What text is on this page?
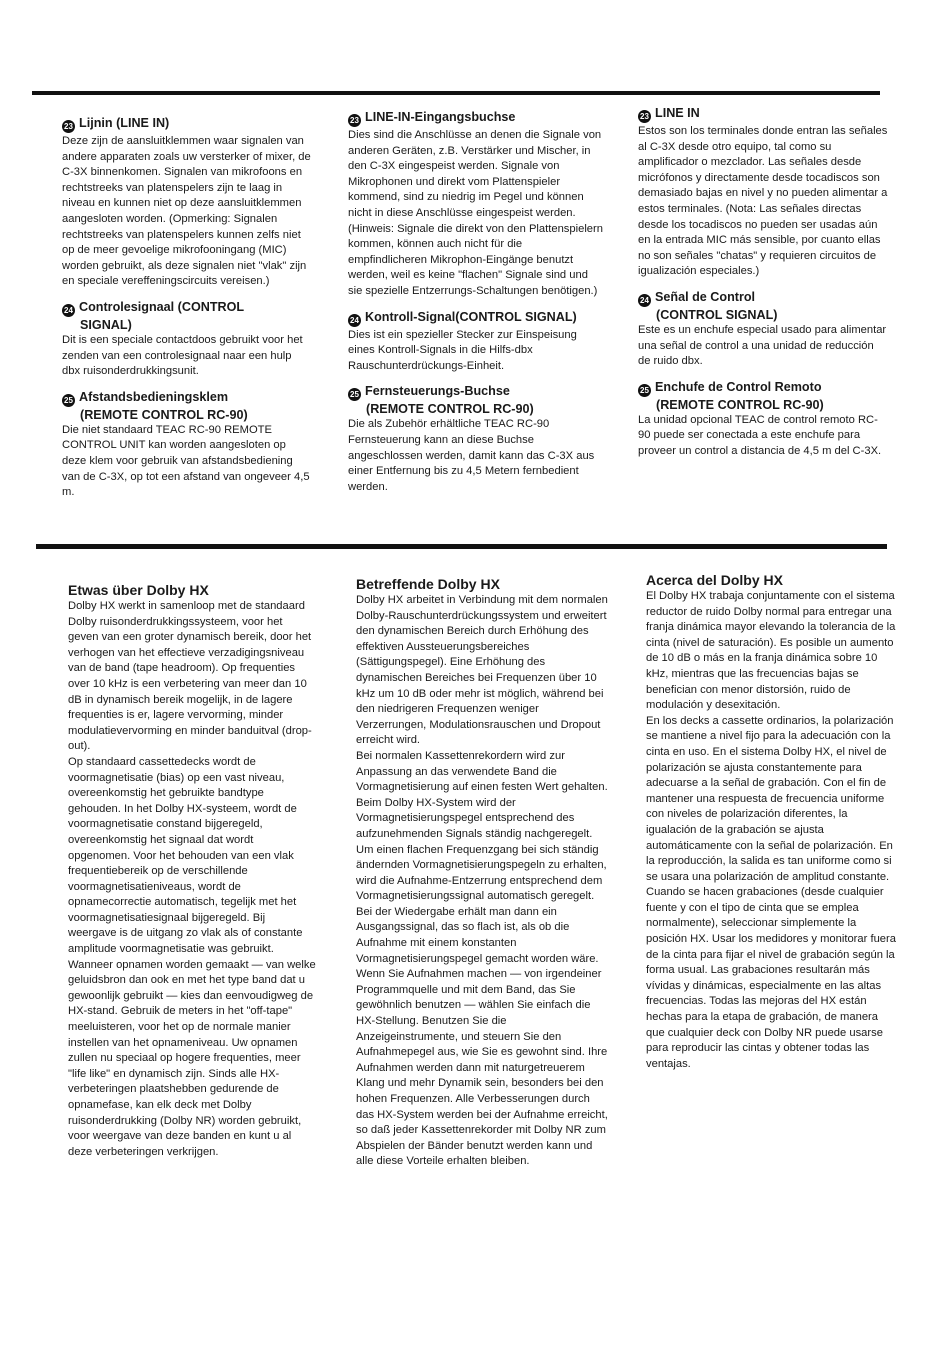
23 Lijnin (LINE IN)

Deze zijn de aansluitklemmen waar signalen van andere apparaten zoals uw versterker of mixer, de C-3X binnenkomen. Signalen van mikrofoons en rechtstreeks van platenspelers zijn te laag in niveau en kunnen niet op deze aansluitklemmen aangesloten worden. (Opmerking: Signalen rechtstreeks van platenspelers kunnen zelfs niet op de meer gevoelige mikrofooningang (MIC) worden gebruikt, als deze signalen niet "vlak" zijn en speciale vereffeningscircuits vereisen.)

24 Controlesignaal (CONTROL
SIGNAL)

Dit is een speciale contactdoos gebruikt voor het zenden van een controlesignaal naar een hulp dbx ruisonderdrukkingsunit.

25 Afstandsbedieningsklem
(REMOTE CONTROL RC-90)

Die niet standaard TEAC RC-90 REMOTE CONTROL UNIT kan worden aangesloten op deze klem voor gebruik van afstandsbediening van de C-3X, op tot een afstand van ongeveer 4,5 m.

23 LINE-IN-Eingangsbuchse

Dies sind die Anschlüsse an denen die Signale von anderen Geräten, z.B. Verstärker und Mischer, in den C-3X eingespeist werden. Signale von Mikrophonen und direkt vom Plattenspieler kommend, sind zu niedrig im Pegel und können nicht in diese Anschlüsse eingespeist werden. (Hinweis: Signale die direkt von den Plattenspielern kommen, können auch nicht für die empfindlicheren Mikrophon-Eingänge benutzt werden, weil es keine "flachen" Signale sind und sie spezielle Entzerrungs-Schaltungen benötigen.)

24 Kontroll-Signal(CONTROL SIGNAL)

Dies ist ein spezieller Stecker zur Einspeisung eines Kontroll-Signals in die Hilfs-dbx Rauschunterdrückungs-Einheit.

25 Fernsteuerungs-Buchse
(REMOTE CONTROL RC-90)

Die als Zubehör erhältliche TEAC RC-90 Fernsteuerung kann an diese Buchse angeschlossen werden, damit kann das C-3X aus einer Entfernung bis zu 4,5 Metern fernbedient werden.

23 LINE IN

Estos son los terminales donde entran las señales al C-3X desde otro equipo, tal como su amplificador o mezclador. Las señales desde micrófonos y directamente desde tocadiscos son demasiado bajas en nivel y no pueden alimentar a estos terminales. (Nota: Las señales directas desde los tocadiscos no pueden ser usadas aún en la entrada MIC más sensible, por cuanto ellas no son señales "chatas" y requieren circuitos de igualización especiales.)

24 Señal de Control
(CONTROL SIGNAL)

Este es un enchufe especial usado para alimentar una señal de control a una unidad de reducción de ruido dbx.

25 Enchufe de Control Remoto
(REMOTE CONTROL RC-90)

La unidad opcional TEAC de control remoto RC-90 puede ser conectada a este enchufe para proveer un control a distancia de 4,5 m del C-3X.

Etwas über Dolby HX

Dolby HX werkt in samenloop met de standaard Dolby ruisonderdrukkingssysteem, voor het geven van een groter dynamisch bereik, door het verhogen van het effectieve verzadigingsniveau van de band (tape headroom). Op frequenties over 10 kHz is een verbetering van meer dan 10 dB in dynamisch bereik mogelijk, in de lagere frequenties is er, lagere vervorming, minder modulatievervorming en minder banduitval (drop-out).

Op standaard cassettedecks wordt de voormagnetisatie (bias) op een vast niveau, overeenkomstig het gebruikte bandtype gehouden. In het Dolby HX-systeem, wordt de voormagnetisatie constand bijgeregeld, overeenkomstig het signaal dat wordt opgenomen. Voor het behouden van een vlak frequentiebereik op de verschillende voormagnetisatieniveaus, wordt de opnamecorrectie automatisch, tegelijk met het voormagnetisatiesignaal bijgeregeld. Bij weergave is de uitgang zo vlak als of constante amplitude voormagnetisatie was gebruikt.

Wanneer opnamen worden gemaakt — van welke geluidsbron dan ook en met het type band dat u gewoonlijk gebruikt — kies dan eenvoudigweg de HX-stand. Gebruik de meters in het "off-tape" meeluisteren, voor het op de normale manier instellen van het opnameniveau. Uw opnamen zullen nu speciaal op hogere frequenties, meer "life like" en dynamisch zijn. Sinds alle HX-verbeteringen plaatshebben gedurende de opnamefase, kan elk deck met Dolby ruisonderdrukking (Dolby NR) worden gebruikt, voor weergave van deze banden en kunt u al deze verbeteringen verkrijgen.

Betreffende Dolby HX

Dolby HX arbeitet in Verbindung mit dem normalen Dolby-Rauschunterdrückungssystem und erweitert den dynamischen Bereich durch Erhöhung des effektiven Aussteuerungsbereiches (Sättigungspegel). Eine Erhöhung des dynamischen Bereiches bei Frequenzen über 10 kHz um 10 dB oder mehr ist möglich, während bei den niedrigeren Frequenzen weniger Verzerrungen, Modulationsrauschen und Dropout erreicht wird.

Bei normalen Kassettenrekordern wird zur Anpassung an das verwendete Band die Vormagnetisierung auf einen festen Wert gehalten. Beim Dolby HX-System wird der Vormagnetisierungspegel entsprechend des aufzunehmenden Signals ständig nachgeregelt. Um einen flachen Frequenzgang bei sich ständig ändernden Vormagnetisierungspegeln zu erhalten, wird die Aufnahme-Entzerrung entsprechend dem Vormagnetisierungssignal automatisch geregelt. Bei der Wiedergabe erhält man dann ein Ausgangssignal, das so flach ist, als ob die Aufnahme mit einem konstanten Vormagnetisierungspegel gemacht worden wäre.

Wenn Sie Aufnahmen machen — von irgendeiner Programmquelle und mit dem Band, das Sie gewöhnlich benutzen — wählen Sie einfach die HX-Stellung. Benutzen Sie die Anzeigeinstrumente, und steuern Sie den Aufnahmepegel aus, wie Sie es gewohnt sind. Ihre Aufnahmen werden dann mit naturgetreuerem Klang und mehr Dynamik sein, besonders bei den hohen Frequenzen. Alle Verbesserungen durch das HX-System werden bei der Aufnahme erreicht, so daß jeder Kassettenrekorder mit Dolby NR zum Abspielen der Bänder benutzt werden kann und alle diese Vorteile erhalten bleiben.

Acerca del Dolby HX

El Dolby HX trabaja conjuntamente con el sistema reductor de ruido Dolby normal para entregar una franja dinámica mayor elevando la tolerancia de la cinta (nivel de saturación). Es posible un aumento de 10 dB o más en la franja dinámica sobre 10 kHz, mientras que las frecuencias bajas se benefician con menor distorsión, ruido de modulación y desexitación.

En los decks a cassette ordinarios, la polarización se mantiene a nivel fijo para la adecuación con la cinta en uso. En el sistema Dolby HX, el nivel de polarización se ajusta constantemente para adecuarse a la señal de grabación. Con el fin de mantener una respuesta de frecuencia uniforme con niveles de polarización diferentes, la igualación de la grabación se ajusta automáticamente con la señal de polarización. En la reproducción, la salida es tan uniforme como si se usara una polarización de amplitud constante.

Cuando se hacen grabaciones (desde cualquier fuente y con el tipo de cinta que se emplea normalmente), seleccionar simplemente la posición HX. Usar los medidores y monitorar fuera de la cinta para fijar el nivel de grabación según la forma usual. Las grabaciones resultarán más vívidas y dinámicas, especialmente en las altas frecuencias. Todas las mejoras del HX están hechas para la etapa de grabación, de manera que cualquier deck con Dolby NR puede usarse para reproducir las cintas y obtener todas las ventajas.
